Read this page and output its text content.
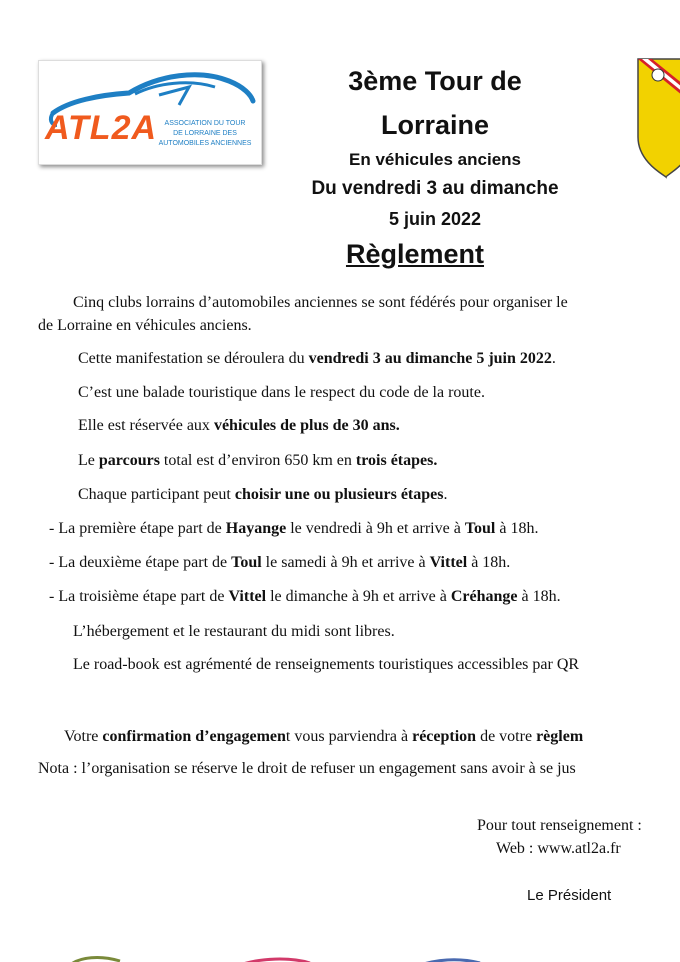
ATL2A	ASSOCIATION DU TOUR
DE LORRAINE DES
AUTOMOBILES ANCIENNES
3ème Tour de
Lorraine
En véhicules anciens
Du vendredi 3 au dimanche
5 juin 2022
Règlement
Cinq clubs lorrains d’automobiles anciennes se sont fédérés pour organiser le
de Lorraine en véhicules anciens.
Cette manifestation se déroulera du vendredi 3 au dimanche 5 juin 2022.
C’est une balade touristique dans le respect du code de la route.
Elle est réservée aux véhicules de plus de 30 ans.
Le parcours total est d’environ 650 km en trois étapes.
Chaque participant peut choisir une ou plusieurs étapes.
- La première étape part de Hayange le vendredi à 9h et arrive à Toul à 18h.
- La deuxième étape part de Toul le samedi à 9h et arrive à Vittel à 18h.
- La troisième étape part de Vittel le dimanche à 9h et arrive à Créhange à 18h.
L’hébergement et le restaurant du midi sont libres.
Le road-book est agrémenté de renseignements touristiques accessibles par QR
Votre confirmation d’engagement vous parviendra à réception de votre règlem
Nota : l’organisation se réserve le droit de refuser un engagement sans avoir à se jus
Pour tout renseignement :
Web : www.atl2a.fr
Le Président
